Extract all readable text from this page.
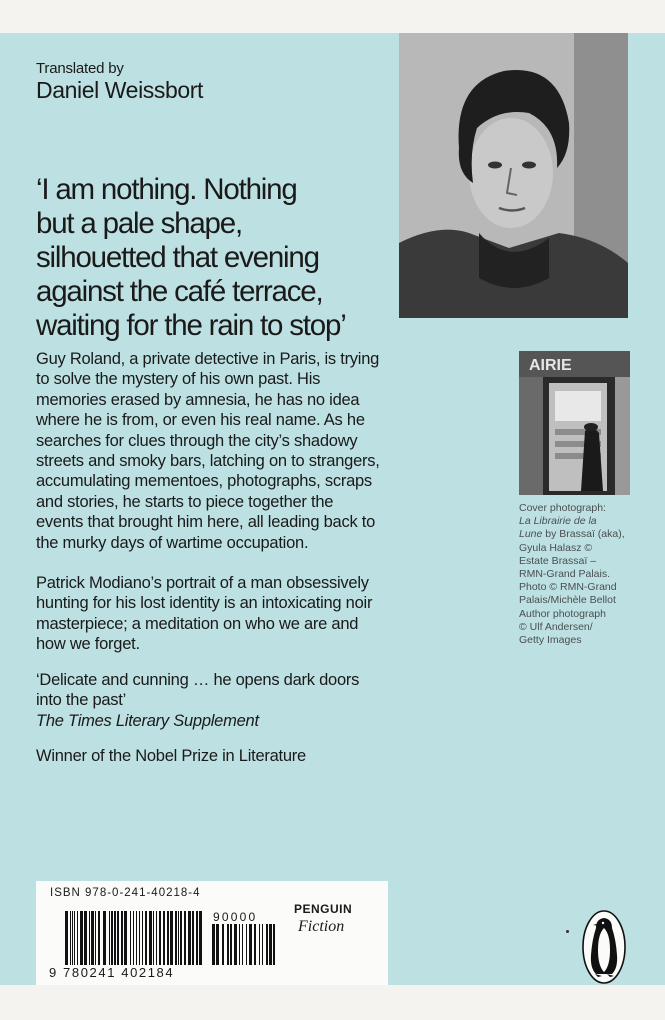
Translated by
Daniel Weissbort
‘I am nothing. Nothing
but a pale shape,
silhouetted that evening
against the café terrace,
waiting for the rain to stop’

Guy Roland, a private detective in Paris, is trying to solve the mystery of his own past. His memories erased by amnesia, he has no idea where he is from, or even his real name. As he searches for clues through the city’s shadowy streets and smoky bars, latching on to strangers, accumulating mementoes, photographs, scraps and stories, he starts to piece together the events that brought him here, all leading back to the murky days of wartime occupation.

Patrick Modiano’s portrait of a man obsessively hunting for his lost identity is an intoxicating noir masterpiece; a meditation on who we are and how we forget.

‘Delicate and cunning … he opens dark doors into the past’
The Times Literary Supplement
Winner of the Nobel Prize in Literature
AIRIE
Cover photograph:
La Librairie de la
Lune by Brassaï (aka),
Gyula Halasz ©
Estate Brassaï –
RMN-Grand Palais.
Photo © RMN-Grand
Palais/Michèle Bellot
Author photograph
© Ulf Andersen/
Getty Images
ISBN 978-0-241-40218-4
90000
9 780241 402184
PENGUIN
Fiction
